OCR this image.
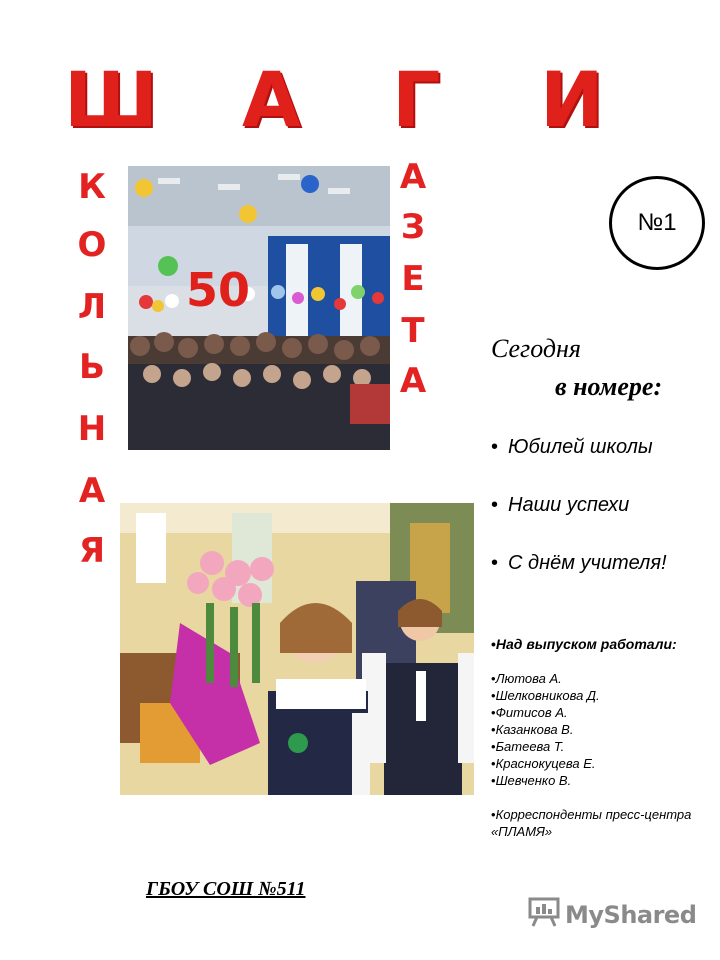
Ш А Г И
К
О
Л
Ь
Н
А
Я
А
З
Е
Т
А
50
№1
Сегодня
в номере:
• Юбилей школы
• Наши успехи
• С днём учителя!
• Над выпуском работали:
• Лютова А.
• Шелковникова Д.
• Фитисов А.
• Казанкова В.
• Батеева Т.
• Краснокуцева Е.
• Шевченко В.
• Корреспонденты пресс-центра «ПЛАМЯ»
ГБОУ СОШ №511
MyShared
